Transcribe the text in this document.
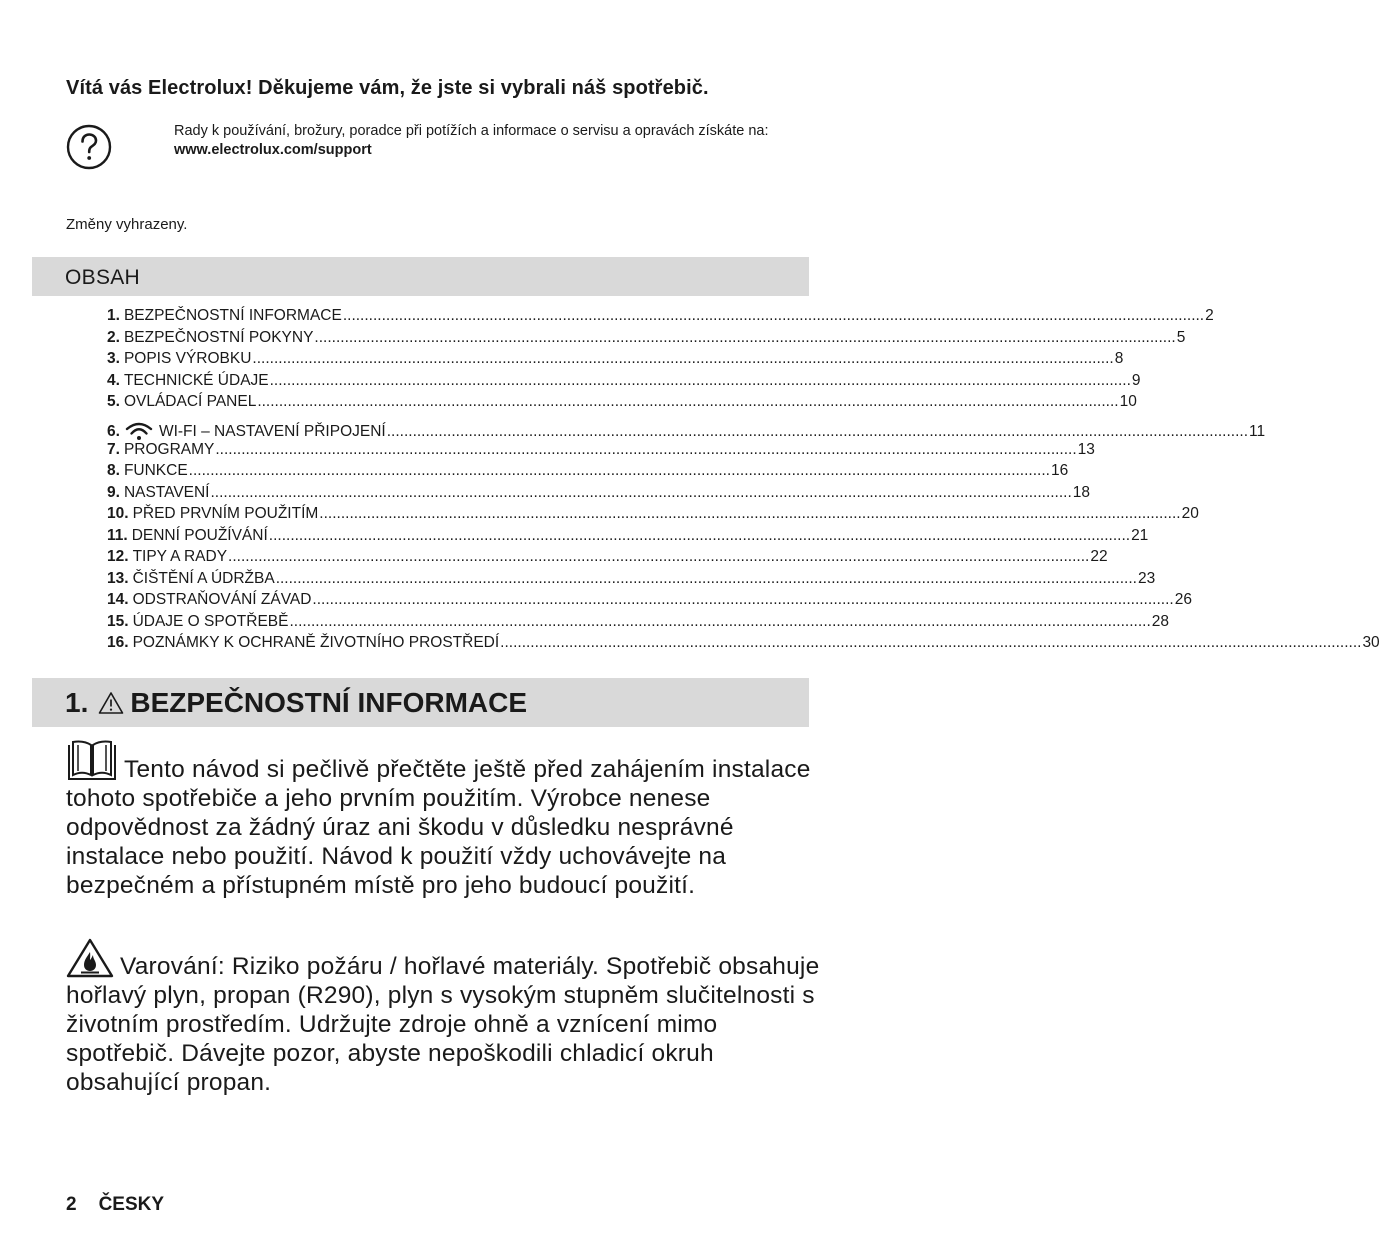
Vítá vás Electrolux! Děkujeme vám, že jste si vybrali náš spotřebič.
Rady k používání, brožury, poradce při potížích a informace o servisu a opravách získáte na:
www.electrolux.com/support
Změny vyhrazeny.
OBSAH
1. BEZPEČNOSTNÍ INFORMACE ........................................................................................................................................................................................................ 2
2. BEZPEČNOSTNÍ POKYNY ........................................................................................................................................................................................................ 5
3. POPIS VÝROBKU ........................................................................................................................................................................................................ 8
4. TECHNICKÉ ÚDAJE ........................................................................................................................................................................................................ 9
5. OVLÁDACÍ PANEL ........................................................................................................................................................................................................ 10
6.	WI-FI – NASTAVENÍ PŘIPOJENÍ ........................................................................................................................................................................................................ 11
7. PROGRAMY ........................................................................................................................................................................................................ 13
8. FUNKCE ........................................................................................................................................................................................................ 16
9. NASTAVENÍ ........................................................................................................................................................................................................ 18
10. PŘED PRVNÍM POUŽITÍM ........................................................................................................................................................................................................ 20
11. DENNÍ POUŽÍVÁNÍ ........................................................................................................................................................................................................ 21
12. TIPY A RADY ........................................................................................................................................................................................................ 22
13. ČIŠTĚNÍ A ÚDRŽBA ........................................................................................................................................................................................................ 23
14. ODSTRAŇOVÁNÍ ZÁVAD ........................................................................................................................................................................................................ 26
15. ÚDAJE O SPOTŘEBĚ ........................................................................................................................................................................................................ 28
16. POZNÁMKY K OCHRANĚ ŽIVOTNÍHO PROSTŘEDÍ ........................................................................................................................................................................................................ 30
1. BEZPEČNOSTNÍ INFORMACE
Tento návod si pečlivě přečtěte ještě před zahájením instalace tohoto spotřebiče a jeho prvním použitím. Výrobce nenese odpovědnost za žádný úraz ani škodu v důsledku nesprávné instalace nebo použití. Návod k použití vždy uchovávejte na bezpečném a přístupném místě pro jeho budoucí použití.
Varování: Riziko požáru / hořlavé materiály. Spotřebič obsahuje hořlavý plyn, propan (R290), plyn s vysokým stupněm slučitelnosti s životním prostředím. Udržujte zdroje ohně a vznícení mimo spotřebič. Dávejte pozor, abyste nepoškodili chladicí okruh obsahující propan.
2 ČESKY
